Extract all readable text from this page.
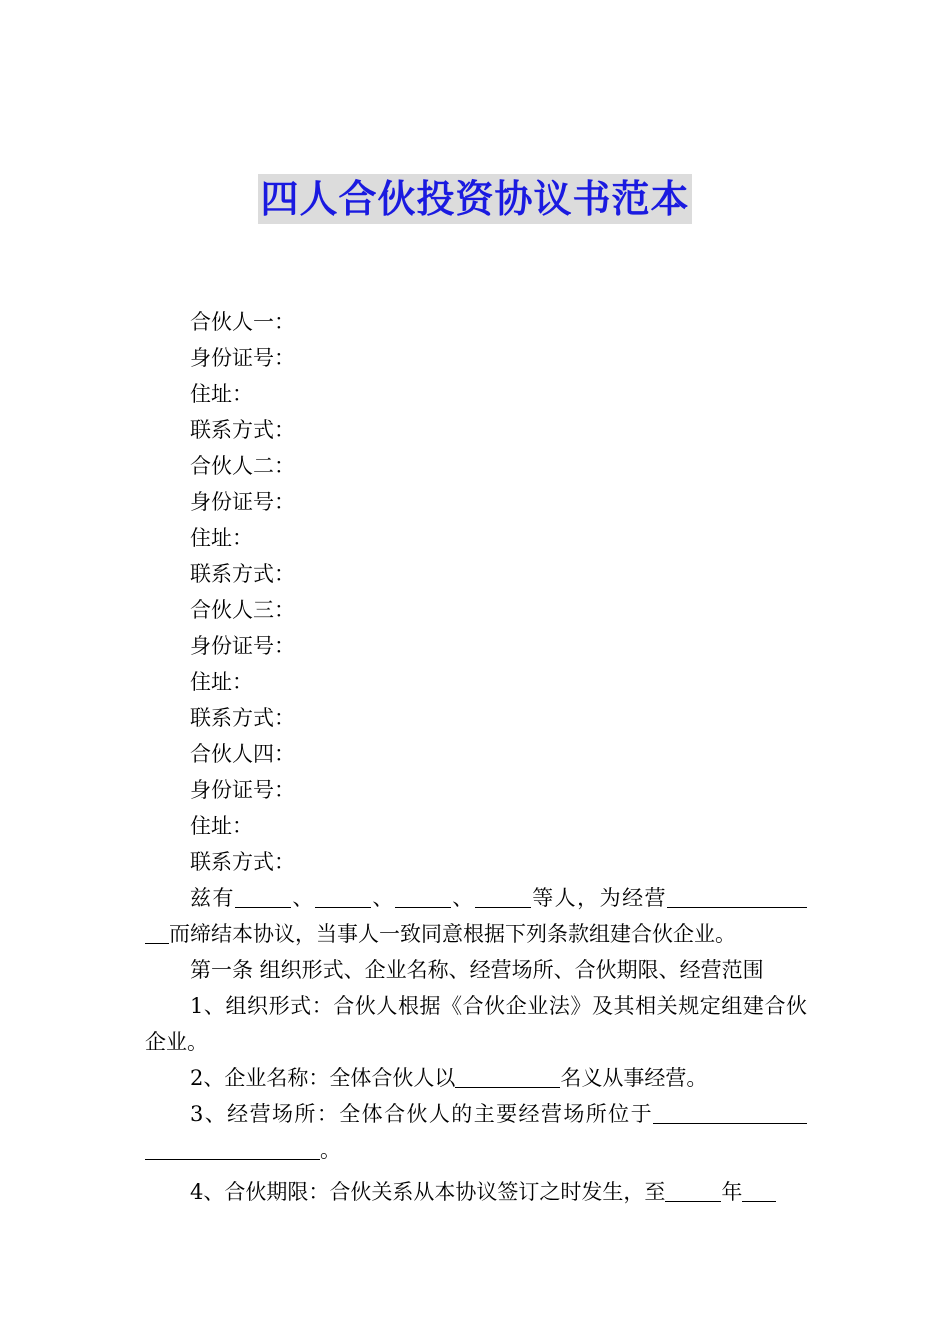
四人合伙投资协议书范本

合伙人一：

身份证号：

住址：

联系方式：

合伙人二：

身份证号：

住址：

联系方式：

合伙人三：

身份证号：

住址：

联系方式：

合伙人四：

身份证号：

住址：

联系方式：

兹有	、	、	、	等人，为经营而缔结本协议，当事人一致同意根据下列条款组建合伙企业。

第一条 组织形式、企业名称、经营场所、合伙期限、经营范围

1、组织形式：合伙人根据《合伙企业法》及其相关规定组建合伙企业。

2、企业名称：全体合伙人以	名义从事经营。

3、经营场所：全体合伙人的主要经营场所位于。

4、合伙期限：合伙关系从本协议签订之时发生，至	年
